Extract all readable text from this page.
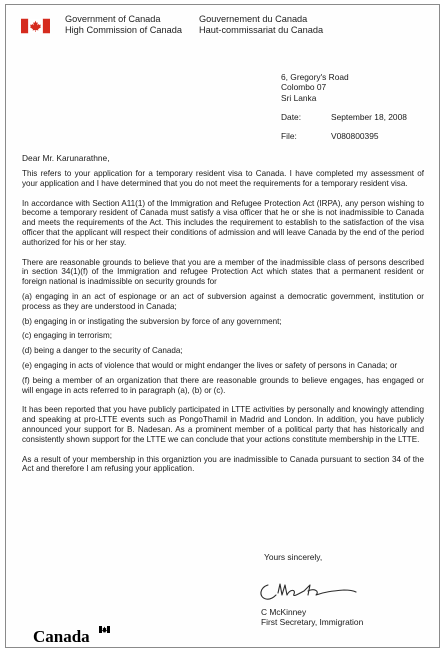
Government of Canada
High Commission of Canada
Gouvernement du Canada
Haut-commissariat du Canada
6, Gregory's Road
Colombo 07
Sri Lanka
Date:	September 18, 2008
File:	V080800395
Dear Mr. Karunarathne,

This refers to your application for a temporary resident visa to Canada. I have completed my assessment of your application and I have determined that you do not meet the requirements for a temporary resident visa.

In accordance with Section A11(1) of the Immigration and Refugee Protection Act (IRPA), any person wishing to become a temporary resident of Canada must satisfy a visa officer that he or she is not inadmissible to Canada and meets the requirements of the Act. This includes the requirement to establish to the satisfaction of the visa officer that the applicant will respect their conditions of admission and will leave Canada by the end of the period authorized for his or her stay.

There are reasonable grounds to believe that you are a member of the inadmissible class of persons described in section 34(1)(f) of the Immigration and refugee Protection Act which states that a permanent resident or foreign national is inadmissible on security grounds for

(a) engaging in an act of espionage or an act of subversion against a democratic government, institution or process as they are understood in Canada;

(b) engaging in or instigating the subversion by force of any government;

(c) engaging in terrorism;

(d) being a danger to the security of Canada;

(e) engaging in acts of violence that would or might endanger the lives or safety of persons in Canada; or

(f) being a member of an organization that there are reasonable grounds to believe engages, has engaged or will engage in acts referred to in paragraph (a), (b) or (c).

It has been reported that you have publicly participated in LTTE activities by personally and knowingly attending and speaking at pro-LTTE events such as PongoThamil in Madrid and London. In addition, you have publicly announced your support for B. Nadesan. As a prominent member of a political party that has historically and consistently shown support for the LTTE we can conclude that your actions constitute membership in the LTTE.

As a result of your membership in this organiztion you are inadmissible to Canada pursuant to section 34 of the Act and therefore I am refusing your application.

Yours sincerely,
C McKinney
First Secretary, Immigration
Canada
